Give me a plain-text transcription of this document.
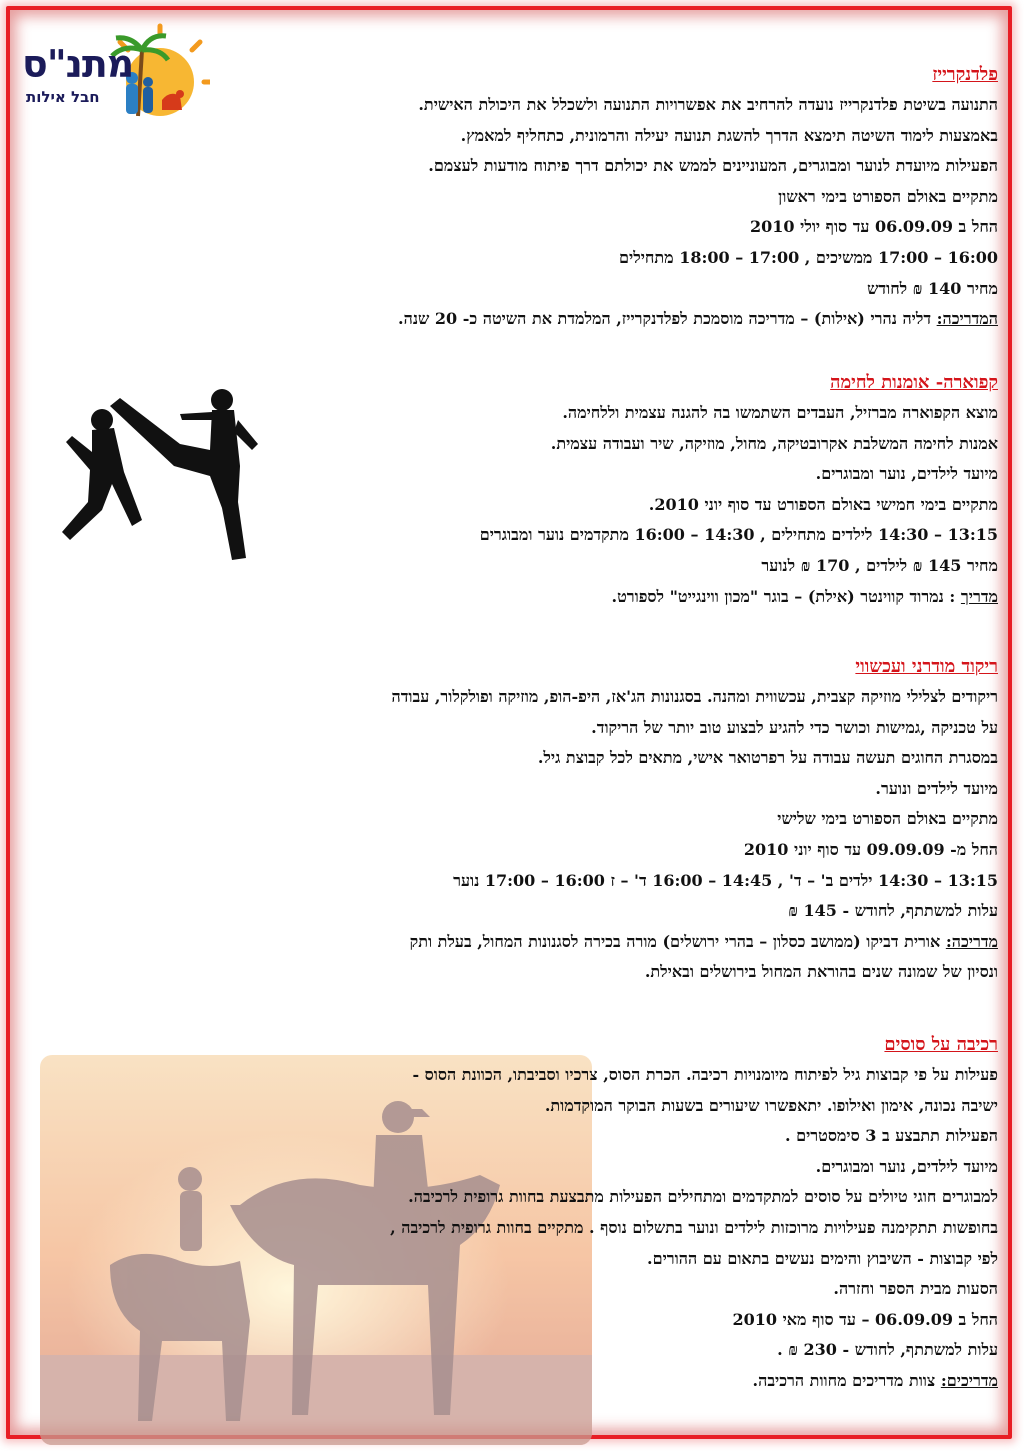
מתנ"ס
חבל אילות
פלדנקרייז

התנועה בשיטת פלדנקרייז נועדה להרחיב את אפשרויות התנועה ולשכלל את היכולת האישית.

באמצעות לימוד השיטה תימצא הדרך להשגת תנועה יעילה והרמונית, כתחליף למאמץ.

הפעילות מיועדת לנוער ומבוגרים, המעוניינים לממש את יכולתם דרך פיתוח מודעות לעצמם.

מתקיים באולם הספורט בימי ראשון

החל ב 06.09.09 עד סוף יולי 2010

16:00 – 17:00 ממשיכים , 17:00 – 18:00 מתחילים

מחיר 140 ₪ לחודש

המדריכה: דליה נהרי (אילות) – מדריכה מוסמכת לפלדנקרייז, המלמדת את השיטה כ- 20 שנה.

קפוארה- אומנות לחימה

מוצא הקפוארה מברזיל, העבדים השתמשו בה להגנה עצמית וללחימה.

אמנות לחימה המשלבת אקרובטיקה, מחול, מוזיקה, שיר ועבודה עצמית.

מיועד לילדים, נוער ומבוגרים.

מתקיים בימי חמישי באולם הספורט עד סוף יוני 2010.

13:15 – 14:30 לילדים מתחילים , 14:30 – 16:00 מתקדמים נוער ומבוגרים

מחיר 145 ₪ לילדים , 170 ₪ לנוער

מדריך : נמרוד קווינטר (אילת) – בוגר "מכון ווינגייט" לספורט.

ריקוד מודרני ועכשווי

ריקודים לצלילי מוזיקה קצבית, עכשווית ומהנה. בסגנונות הג'אז, היפ-הופ, מוזיקה ופולקלור, עבודה

על טכניקה ,גמישות וכושר כדי להגיע לבצוע טוב יותר של הריקוד.

במסגרת החוגים תעשה עבודה על רפרטואר אישי, מתאים לכל קבוצת גיל.

מיועד לילדים ונוער.

מתקיים באולם הספורט בימי שלישי

החל מ- 09.09.09 עד סוף יוני 2010

13:15 – 14:30 ילדים ב' – ד' , 14:45 – 16:00 ד' – ז 16:00 – 17:00 נוער

עלות למשתתף, לחודש - 145 ₪

מדריכה: אורית דביקו (ממושב כסלון – בהרי ירושלים) מורה בכירה לסגנונות המחול, בעלת ותק

ונסיון של שמונה שנים בהוראת המחול בירושלים ובאילת.

רכיבה על סוסים

פעילות על פי קבוצות גיל לפיתוח מיומנויות רכיבה. הכרת הסוס, צרכיו וסביבתו, הכוונת הסוס -

ישיבה נכונה, אימון ואילופו. יתאפשרו שיעורים בשעות הבוקר המוקדמות.

הפעילות תתבצע ב 3 סימסטרים .

מיועד לילדים, נוער ומבוגרים.

למבוגרים חוגי טיולים על סוסים למתקדמים ומתחילים הפעילות מתבצעת בחוות גרופית לרכיבה.

בחופשות תתקימנה פעילויות מרוכזות לילדים ונוער בתשלום נוסף . מתקיים בחוות גרופית לרכיבה ,

לפי קבוצות - השיבוץ והימים נעשים בתאום עם ההורים.

הסעות מבית הספר וחזרה.

החל ב 06.09.09 – עד סוף מאי 2010

עלות למשתתף, לחודש - 230 ₪ .

מדריכים: צוות מדריכים מחוות הרכיבה.
